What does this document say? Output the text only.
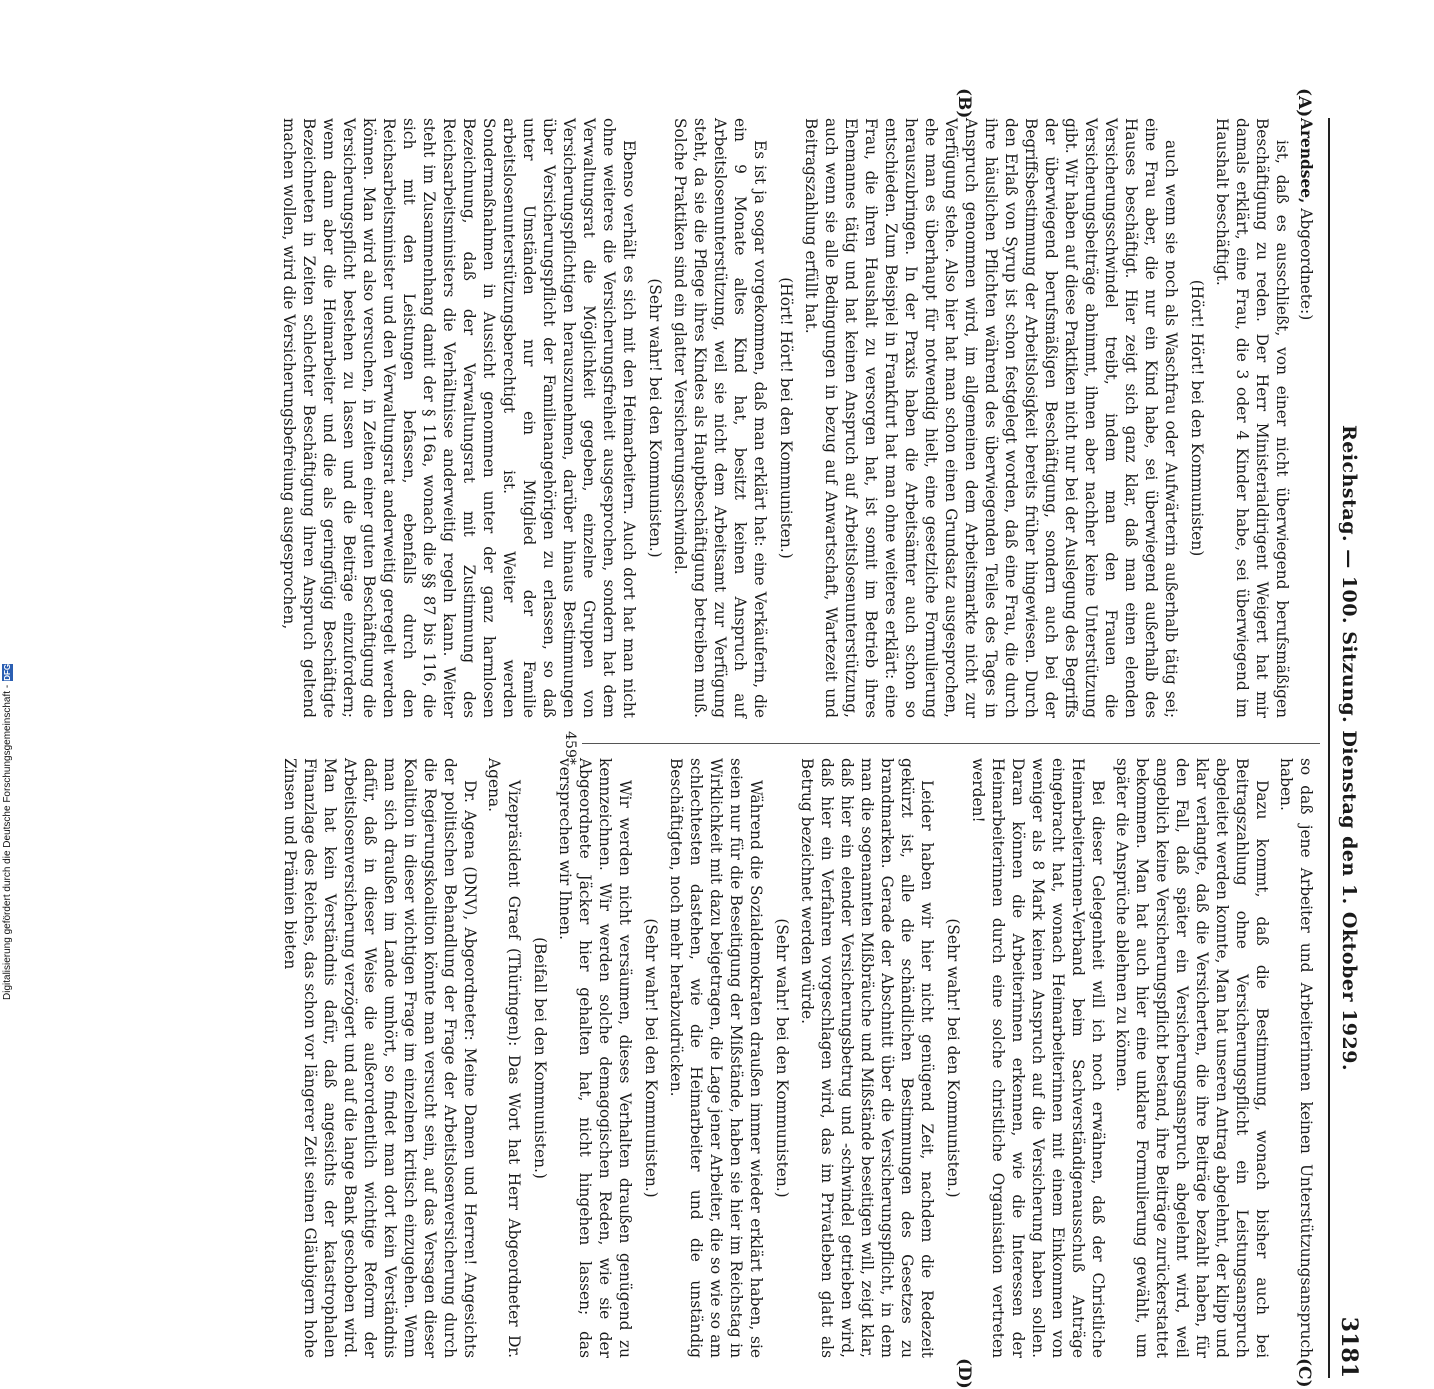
Digitalisierung gefördert durch die Deutsche Forschungsgemeinschaft -
DFG	Reichstag. — 100. Sitzung. Dienstag den 1. Oktober 1929.
3181
(A)
(B)
(C)
(D)

Arendsee, Abgeordnete:)

ist, daß es ausschließt, von einer nicht überwiegend berufsmäßigen Beschäftigung zu reden. Der Herr Ministerialdirigent Weigert hat mir damals erklärt, eine Frau, die 3 oder 4 Kinder habe, sei überwiegend im Haushalt beschäftigt.

(Hört! Hört! bei den Kommunisten)

auch wenn sie noch als Waschfrau oder Aufwärterin außerhalb tätig sei; eine Frau aber, die nur ein Kind habe, sei überwiegend außerhalb des Hauses beschäftigt. Hier zeigt sich ganz klar, daß man einen elenden Versicherungsschwindel treibt, indem man den Frauen die Versicherungsbeiträge abnimmt, ihnen aber nachher keine Unterstützung gibt. Wir haben auf diese Praktiken nicht nur bei der Auslegung des Begriffs der überwiegend berufsmäßigen Beschäftigung, sondern auch bei der Begriffsbestimmung der Arbeitslosigkeit bereits früher hingewiesen. Durch den Erlaß von Syrup ist schon festgelegt worden, daß eine Frau, die durch ihre häuslichen Pflichten während des überwiegenden Teiles des Tages in Anspruch genommen wird, im allgemeinen dem Arbeitsmarkte nicht zur Verfügung stehe. Also hier hat man schon einen Grundsatz ausgesprochen, ehe man es überhaupt für notwendig hielt, eine gesetzliche Formulierung herauszubringen. In der Praxis haben die Arbeitsämter auch schon so entschieden. Zum Beispiel in Frankfurt hat man ohne weiteres erklärt: eine Frau, die ihren Haushalt zu versorgen hat, ist somit im Betrieb ihres Ehemannes tätig und hat keinen Anspruch auf Arbeitslosenunterstützung, auch wenn sie alle Bedingungen in bezug auf Anwartschaft, Wartezeit und Beitragszahlung erfüllt hat.

(Hört! Hört! bei den Kommunisten.)

Es ist ja sogar vorgekommen, daß man erklärt hat: eine Verkäuferin, die ein 9 Monate altes Kind hat, besitzt keinen Anspruch auf Arbeitslosenunterstützung, weil sie nicht dem Arbeitsamt zur Verfügung steht, da sie die Pflege ihres Kindes als Hauptbeschäftigung betreiben muß. Solche Praktiken sind ein glatter Versicherungsschwindel.

(Sehr wahr! bei den Kommunisten.)

Ebenso verhält es sich mit den Heimarbeitern. Auch dort hat man nicht ohne weiteres die Versicherungsfreiheit ausgesprochen, sondern hat dem Verwaltungsrat die Möglichkeit gegeben, einzelne Gruppen von Versicherungspflichtigen herauszunehmen, darüber hinaus Bestimmungen über Versicherungspflicht der Familienangehörigen zu erlassen, so daß unter Umständen nur ein Mitglied der Familie arbeitslosenunterstützungsberechtigt ist. Weiter werden Sondermaßnahmen in Aussicht genommen unter der ganz harmlosen Bezeichnung, daß der Verwaltungsrat mit Zustimmung des Reichsarbeitsministers die Verhältnisse anderweitig regeln kann. Weiter steht im Zusammenhang damit der § 116a, wonach die §§ 87 bis 116, die sich mit den Leistungen befassen, ebenfalls durch den Reichsarbeitsminister und den Verwaltungsrat anderweitig geregelt werden können. Man wird also versuchen, in Zeiten einer guten Beschäftigung die Versicherungspflicht bestehen zu lassen und die Beiträge einzufordern; wenn dann aber die Heimarbeiter und die als geringfügig Beschäftigte Bezeichneten in Zeiten schlechter Beschäftigung ihren Anspruch geltend machen wollen, wird die Versicherungsbefreiung ausgesprochen,

so daß jene Arbeiter und Arbeiterinnen keinen Unterstützungsanspruch haben.

Dazu kommt, daß die Bestimmung, wonach bisher auch bei Beitragszahlung ohne Versicherungspflicht ein Leistungsanspruch abgeleitet werden konnte, Man hat unseren Antrag abgelehnt, der klipp und klar verlangte, daß die Versicherten, die ihre Beiträge bezahlt haben, für den Fall, daß später ein Versicherungsanspruch abgelehnt wird, weil angeblich keine Versicherungspflicht bestand, ihre Beiträge zurückerstattet bekommen. Man hat auch hier eine unklare Formulierung gewählt, um später die Ansprüche ablehnen zu können.

Bei dieser Gelegenheit will ich noch erwähnen, daß der Christliche Heimarbeiterinnen-Verband beim Sachverständigenausschuß Anträge eingebracht hat, wonach Heimarbeiterinnen mit einem Einkommen von weniger als 8 Mark keinen Anspruch auf die Versicherung haben sollen. Daran können die Arbeiterinnen erkennen, wie die Interessen der Heimarbeiterinnen durch eine solche christliche Organisation vertreten werden!

(Sehr wahr! bei den Kommunisten.)

Leider haben wir hier nicht genügend Zeit, nachdem die Redezeit gekürzt ist, alle die schändlichen Bestimmungen des Gesetzes zu brandmarken. Gerade der Abschnitt über die Versicherungspflicht, in dem man die sogenannten Mißbräuche und Mißstände beseitigen will, zeigt klar, daß hier ein elender Versicherungsbetrug und -schwindel getrieben wird, daß hier ein Verfahren vorgeschlagen wird, das im Privatleben glatt als Betrug bezeichnet werden würde.

(Sehr wahr! bei den Kommunisten.)

Während die Sozialdemokraten draußen immer wieder erklärt haben, sie seien nur für die Beseitigung der Mißstände, haben sie hier im Reichstag in Wirklichkeit mit dazu beigetragen, die Lage jener Arbeiter, die so wie so am schlechtesten dastehen, wie die Heimarbeiter und die unständig Beschäftigten, noch mehr herabzudrücken.

(Sehr wahr! bei den Kommunisten.)

Wir werden nicht versäumen, dieses Verhalten draußen genügend zu kennzeichnen. Wir werden solche demagogischen Reden, wie sie der Abgeordnete Jäcker hier gehalten hat, nicht hingehen lassen; das versprechen wir Ihnen.

(Beifall bei den Kommunisten.)

Vizepräsident Graef (Thüringen): Das Wort hat Herr Abgeordneter Dr. Agena.

Dr. Agena (DNV), Abgeordneter: Meine Damen und Herren! Angesichts der politischen Behandlung der Frage der Arbeitslosenversicherung durch die Regierungskoalition könnte man versucht sein, auf das Versagen dieser Koalition in dieser wichtigen Frage im einzelnen kritisch einzugehen. Wenn man sich draußen im Lande umhört, so findet man dort kein Verständnis dafür, daß in dieser Weise die außerordentlich wichtige Reform der Arbeitslosenversicherung verzögert und auf die lange Bank geschoben wird. Man hat kein Verständnis dafür, daß angesichts der katastrophalen Finanzlage des Reiches, das schon vor längerer Zeit seinen Gläubigern hohe Zinsen und Prämien bieten

459*
